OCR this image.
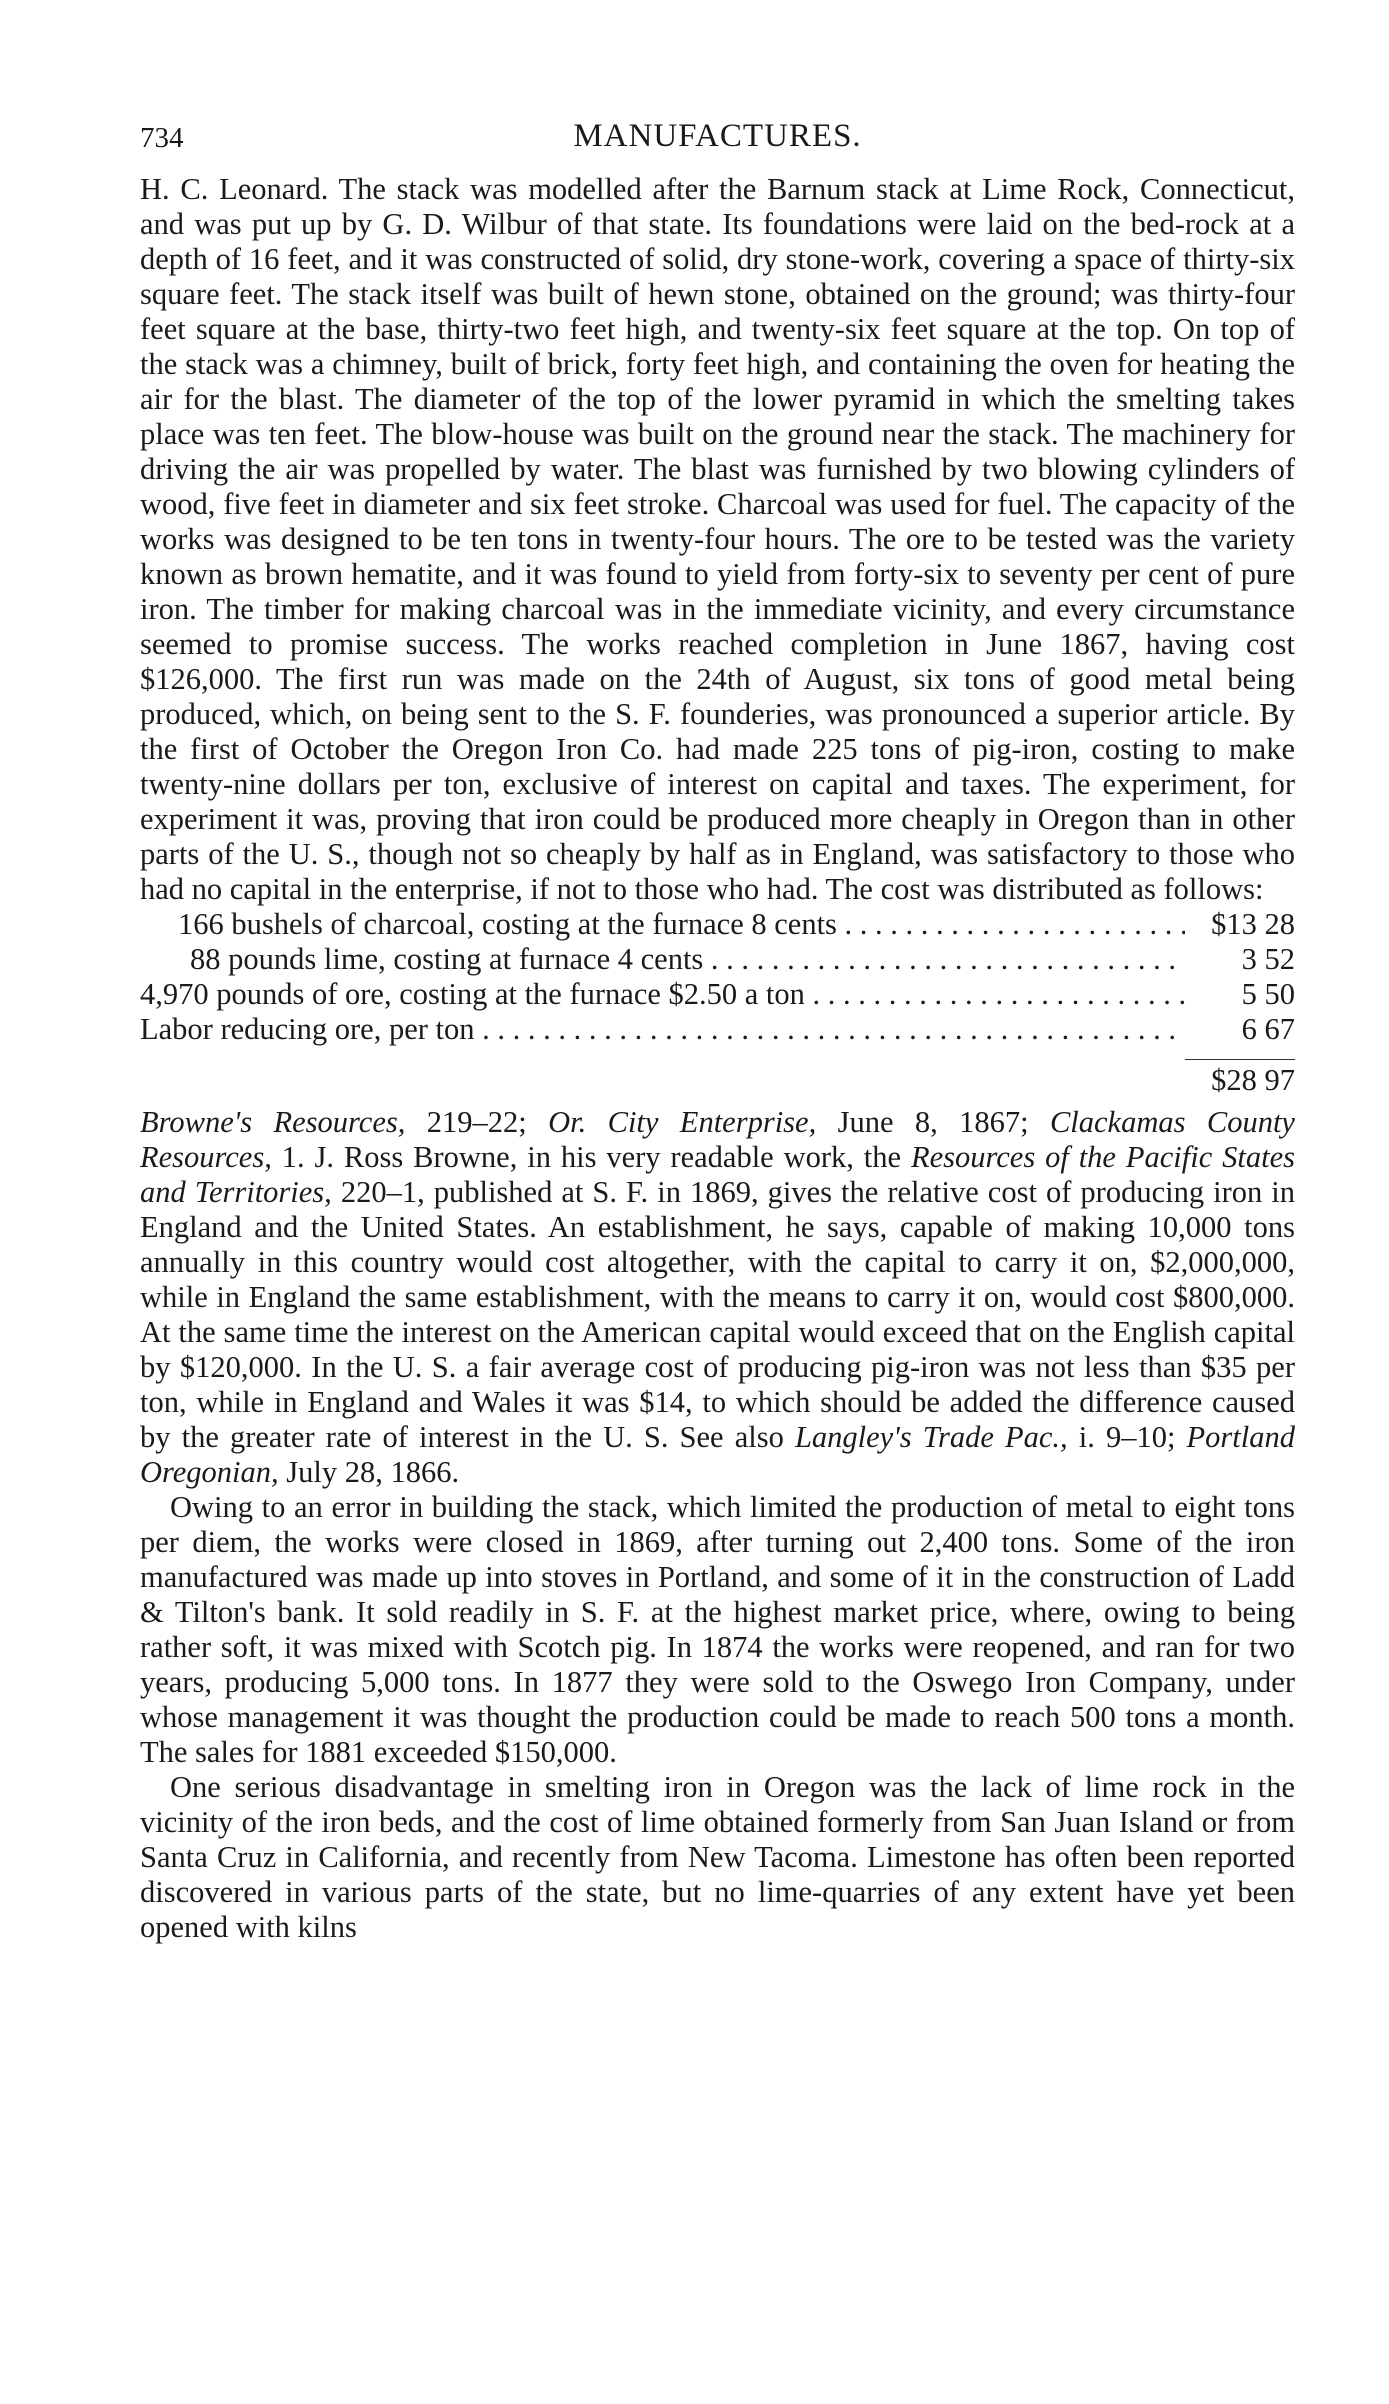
734	MANUFACTURES.

H. C. Leonard. The stack was modelled after the Barnum stack at Lime Rock, Connecticut, and was put up by G. D. Wilbur of that state. Its foundations were laid on the bed-rock at a depth of 16 feet, and it was constructed of solid, dry stone-work, covering a space of thirty-six square feet. The stack itself was built of hewn stone, obtained on the ground; was thirty-four feet square at the base, thirty-two feet high, and twenty-six feet square at the top. On top of the stack was a chimney, built of brick, forty feet high, and containing the oven for heating the air for the blast. The diameter of the top of the lower pyramid in which the smelting takes place was ten feet. The blow-house was built on the ground near the stack. The machinery for driving the air was propelled by water. The blast was furnished by two blowing cylinders of wood, five feet in diameter and six feet stroke. Charcoal was used for fuel. The capacity of the works was designed to be ten tons in twenty-four hours. The ore to be tested was the variety known as brown hematite, and it was found to yield from forty-six to seventy per cent of pure iron. The timber for making charcoal was in the immediate vicinity, and every circumstance seemed to promise success. The works reached completion in June 1867, having cost $126,000. The first run was made on the 24th of August, six tons of good metal being produced, which, on being sent to the S. F. founderies, was pronounced a superior article. By the first of October the Oregon Iron Co. had made 225 tons of pig-iron, costing to make twenty-nine dollars per ton, exclusive of interest on capital and taxes. The experiment, for experiment it was, proving that iron could be produced more cheaply in Oregon than in other parts of the U. S., though not so cheaply by half as in England, was satisfactory to those who had no capital in the enterprise, if not to those who had. The cost was distributed as follows:

166 bushels of charcoal, costing at the furnace 8 cents . . .	$13 28
88 pounds lime, costing at furnace 4 cents . . .	3 52
4,970 pounds of ore, costing at the furnace $2.50 a ton . . .	5 50
Labor reducing ore, per ton . . .	6 67
$28 97

Browne's Resources, 219–22; Or. City Enterprise, June 8, 1867; Clackamas County Resources, 1. J. Ross Browne, in his very readable work, the Resources of the Pacific States and Territories, 220–1, published at S. F. in 1869, gives the relative cost of producing iron in England and the United States. An establishment, he says, capable of making 10,000 tons annually in this country would cost altogether, with the capital to carry it on, $2,000,000, while in England the same establishment, with the means to carry it on, would cost $800,000. At the same time the interest on the American capital would exceed that on the English capital by $120,000. In the U. S. a fair average cost of producing pig-iron was not less than $35 per ton, while in England and Wales it was $14, to which should be added the difference caused by the greater rate of interest in the U. S. See also Langley's Trade Pac., i. 9–10; Portland Oregonian, July 28, 1866.

Owing to an error in building the stack, which limited the production of metal to eight tons per diem, the works were closed in 1869, after turning out 2,400 tons. Some of the iron manufactured was made up into stoves in Portland, and some of it in the construction of Ladd & Tilton's bank. It sold readily in S. F. at the highest market price, where, owing to being rather soft, it was mixed with Scotch pig. In 1874 the works were reopened, and ran for two years, producing 5,000 tons. In 1877 they were sold to the Oswego Iron Company, under whose management it was thought the production could be made to reach 500 tons a month. The sales for 1881 exceeded $150,000.

One serious disadvantage in smelting iron in Oregon was the lack of lime rock in the vicinity of the iron beds, and the cost of lime obtained formerly from San Juan Island or from Santa Cruz in California, and recently from New Tacoma. Limestone has often been reported discovered in various parts of the state, but no lime-quarries of any extent have yet been opened with kilns
